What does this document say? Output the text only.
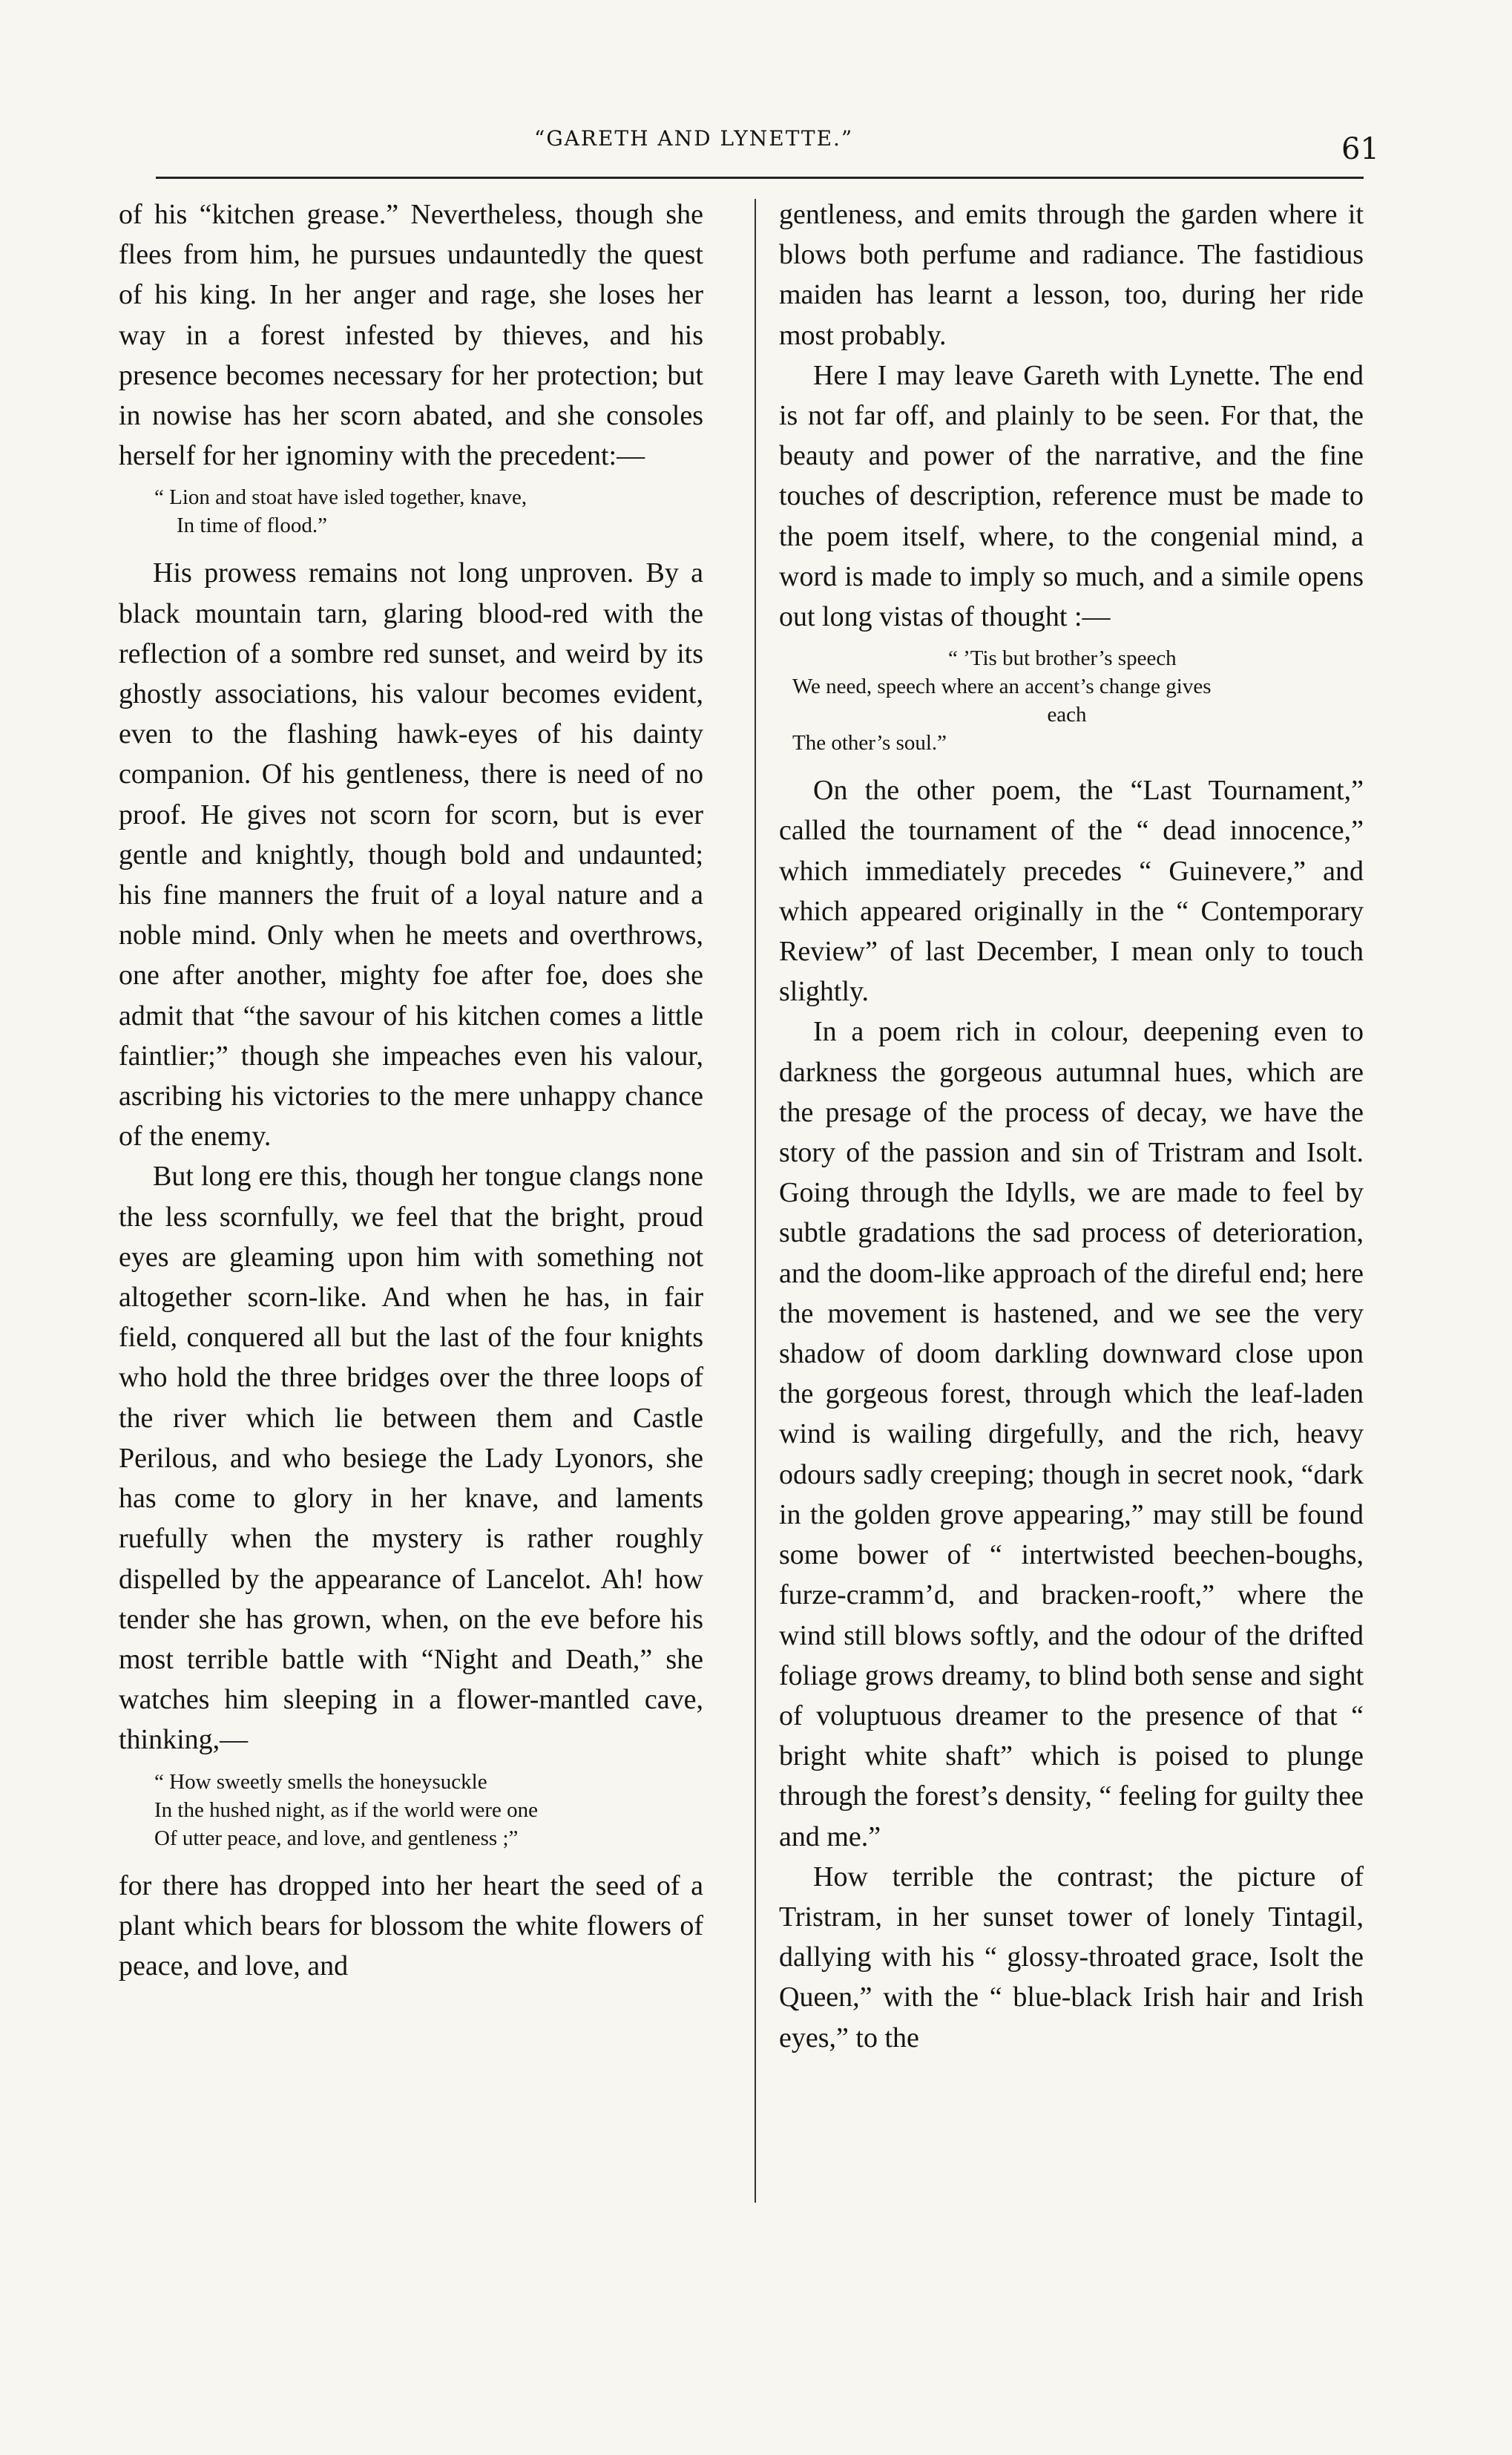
“GARETH AND LYNETTE.”	61

of his “kitchen grease.” Nevertheless, though she flees from him, he pursues undauntedly the quest of his king. In her anger and rage, she loses her way in a forest infested by thieves, and his presence becomes necessary for her protection; but in nowise has her scorn abated, and she consoles herself for her ignominy with the precedent:—

“ Lion and stoat have isled together, knave,
In time of flood.”

His prowess remains not long unproven. By a black mountain tarn, glaring blood-red with the reflection of a sombre red sunset, and weird by its ghostly associations, his valour becomes evident, even to the flashing hawk-eyes of his dainty companion. Of his gentleness, there is need of no proof. He gives not scorn for scorn, but is ever gentle and knightly, though bold and undaunted; his fine manners the fruit of a loyal nature and a noble mind. Only when he meets and overthrows, one after another, mighty foe after foe, does she admit that “the savour of his kitchen comes a little faintlier;” though she impeaches even his valour, ascribing his victories to the mere unhappy chance of the enemy.

But long ere this, though her tongue clangs none the less scornfully, we feel that the bright, proud eyes are gleaming upon him with something not altogether scorn-like. And when he has, in fair field, conquered all but the last of the four knights who hold the three bridges over the three loops of the river which lie between them and Castle Perilous, and who besiege the Lady Lyonors, she has come to glory in her knave, and laments ruefully when the mystery is rather roughly dispelled by the appearance of Lancelot. Ah! how tender she has grown, when, on the eve before his most terrible battle with “Night and Death,” she watches him sleeping in a flower-mantled cave, thinking,—

“ How sweetly smells the honeysuckle
In the hushed night, as if the world were one
Of utter peace, and love, and gentleness ;”

for there has dropped into her heart the seed of a plant which bears for blossom the white flowers of peace, and love, and

gentleness, and emits through the garden where it blows both perfume and radiance. The fastidious maiden has learnt a lesson, too, during her ride most probably.

Here I may leave Gareth with Lynette. The end is not far off, and plainly to be seen. For that, the beauty and power of the narrative, and the fine touches of description, reference must be made to the poem itself, where, to the congenial mind, a word is made to imply so much, and a simile opens out long vistas of thought :—

“ ’Tis but brother’s speech
We need, speech where an accent’s change gives
each
The other’s soul.”

On the other poem, the “Last Tournament,” called the tournament of the “ dead innocence,” which immediately precedes “ Guinevere,” and which appeared originally in the “ Contemporary Review” of last December, I mean only to touch slightly.

In a poem rich in colour, deepening even to darkness the gorgeous autumnal hues, which are the presage of the process of decay, we have the story of the passion and sin of Tristram and Isolt. Going through the Idylls, we are made to feel by subtle gradations the sad process of deterioration, and the doom-like approach of the direful end; here the movement is hastened, and we see the very shadow of doom darkling downward close upon the gorgeous forest, through which the leaf-laden wind is wailing dirgefully, and the rich, heavy odours sadly creeping; though in secret nook, “dark in the golden grove appearing,” may still be found some bower of “ intertwisted beechen-boughs, furze-cramm’d, and bracken-rooft,” where the wind still blows softly, and the odour of the drifted foliage grows dreamy, to blind both sense and sight of voluptuous dreamer to the presence of that “ bright white shaft” which is poised to plunge through the forest’s density, “ feeling for guilty thee and me.”

How terrible the contrast; the picture of Tristram, in her sunset tower of lonely Tintagil, dallying with his “ glossy-throated grace, Isolt the Queen,” with the “ blue-black Irish hair and Irish eyes,” to the
